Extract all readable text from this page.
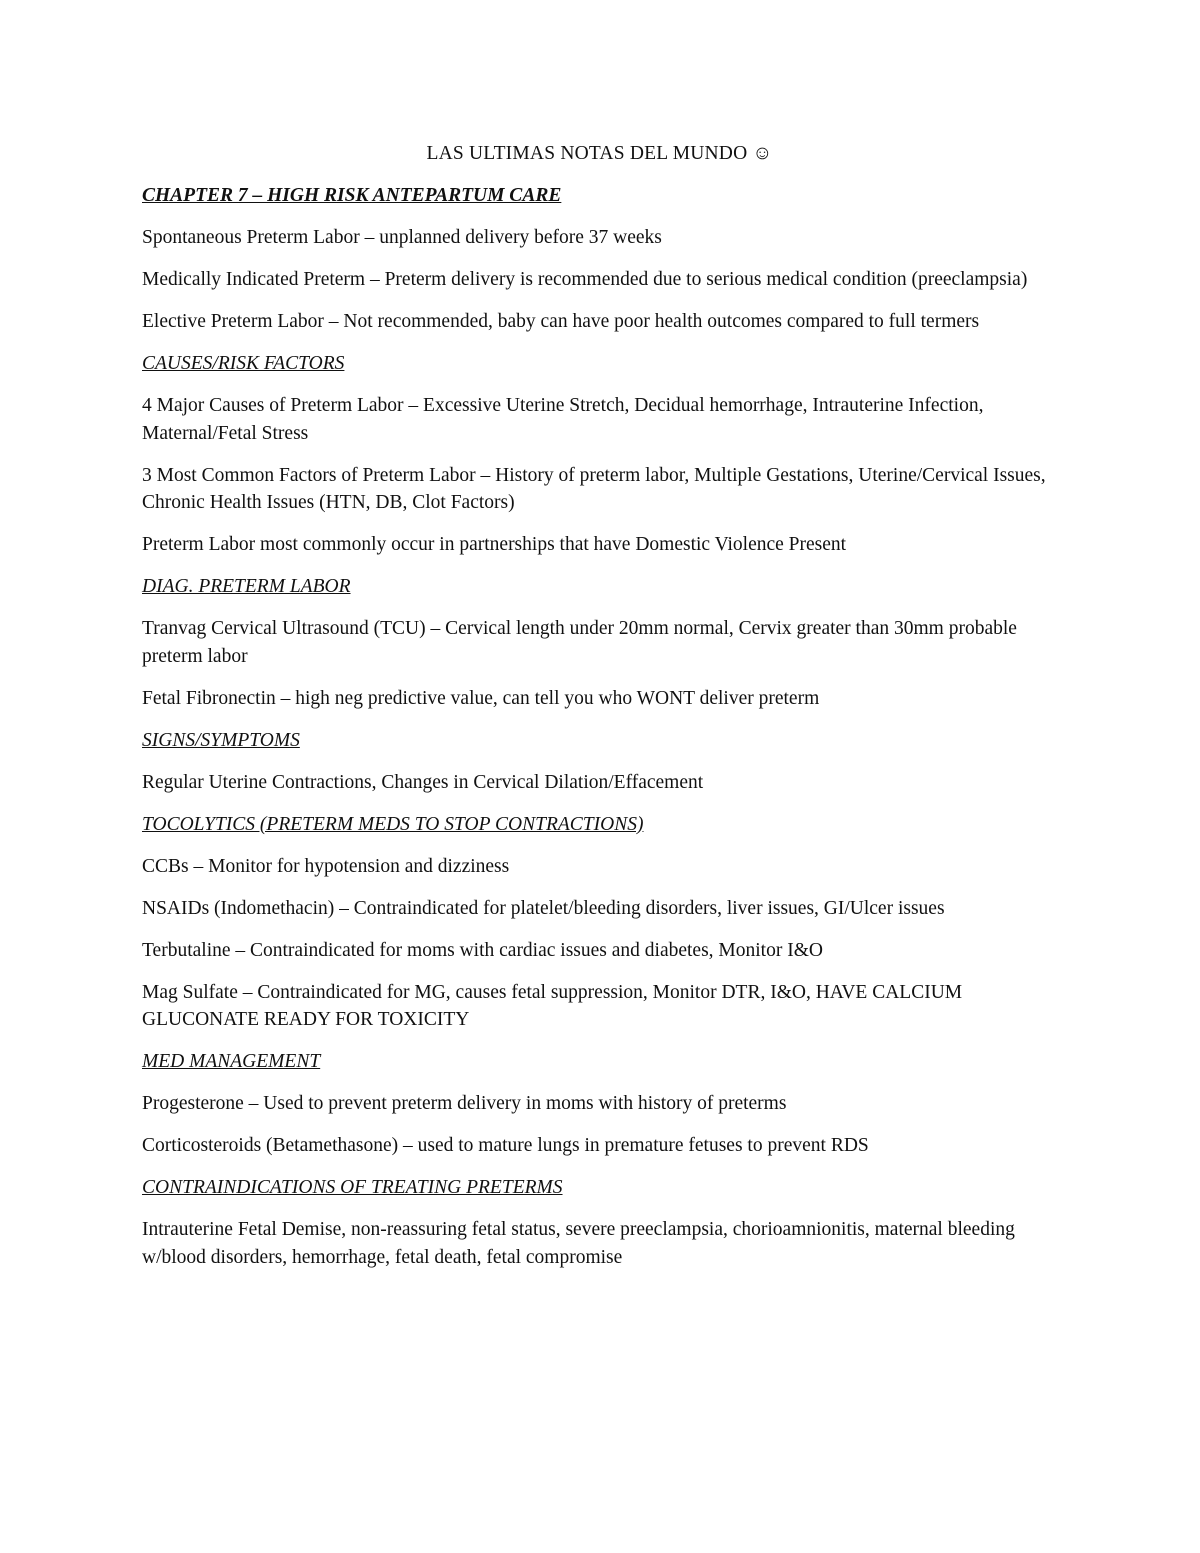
LAS ULTIMAS NOTAS DEL MUNDO ☺

CHAPTER 7 – HIGH RISK ANTEPARTUM CARE

Spontaneous Preterm Labor – unplanned delivery before 37 weeks

Medically Indicated Preterm – Preterm delivery is recommended due to serious medical condition (preeclampsia)

Elective Preterm Labor – Not recommended, baby can have poor health outcomes compared to full termers

CAUSES/RISK FACTORS

4 Major Causes of Preterm Labor – Excessive Uterine Stretch, Decidual hemorrhage, Intrauterine Infection, Maternal/Fetal Stress

3 Most Common Factors of Preterm Labor – History of preterm labor, Multiple Gestations, Uterine/Cervical Issues, Chronic Health Issues (HTN, DB, Clot Factors)

Preterm Labor most commonly occur in partnerships that have Domestic Violence Present

DIAG. PRETERM LABOR

Tranvag Cervical Ultrasound (TCU) – Cervical length under 20mm normal, Cervix greater than 30mm probable preterm labor

Fetal Fibronectin – high neg predictive value, can tell you who WONT deliver preterm

SIGNS/SYMPTOMS

Regular Uterine Contractions, Changes in Cervical Dilation/Effacement

TOCOLYTICS (PRETERM MEDS TO STOP CONTRACTIONS)

CCBs – Monitor for hypotension and dizziness

NSAIDs (Indomethacin) – Contraindicated for platelet/bleeding disorders, liver issues, GI/Ulcer issues

Terbutaline – Contraindicated for moms with cardiac issues and diabetes, Monitor I&O

Mag Sulfate – Contraindicated for MG, causes fetal suppression, Monitor DTR, I&O, HAVE CALCIUM GLUCONATE READY FOR TOXICITY

MED MANAGEMENT

Progesterone – Used to prevent preterm delivery in moms with history of preterms

Corticosteroids (Betamethasone) – used to mature lungs in premature fetuses to prevent RDS

CONTRAINDICATIONS OF TREATING PRETERMS

Intrauterine Fetal Demise, non-reassuring fetal status, severe preeclampsia, chorioamnionitis, maternal bleeding w/blood disorders, hemorrhage, fetal death, fetal compromise
